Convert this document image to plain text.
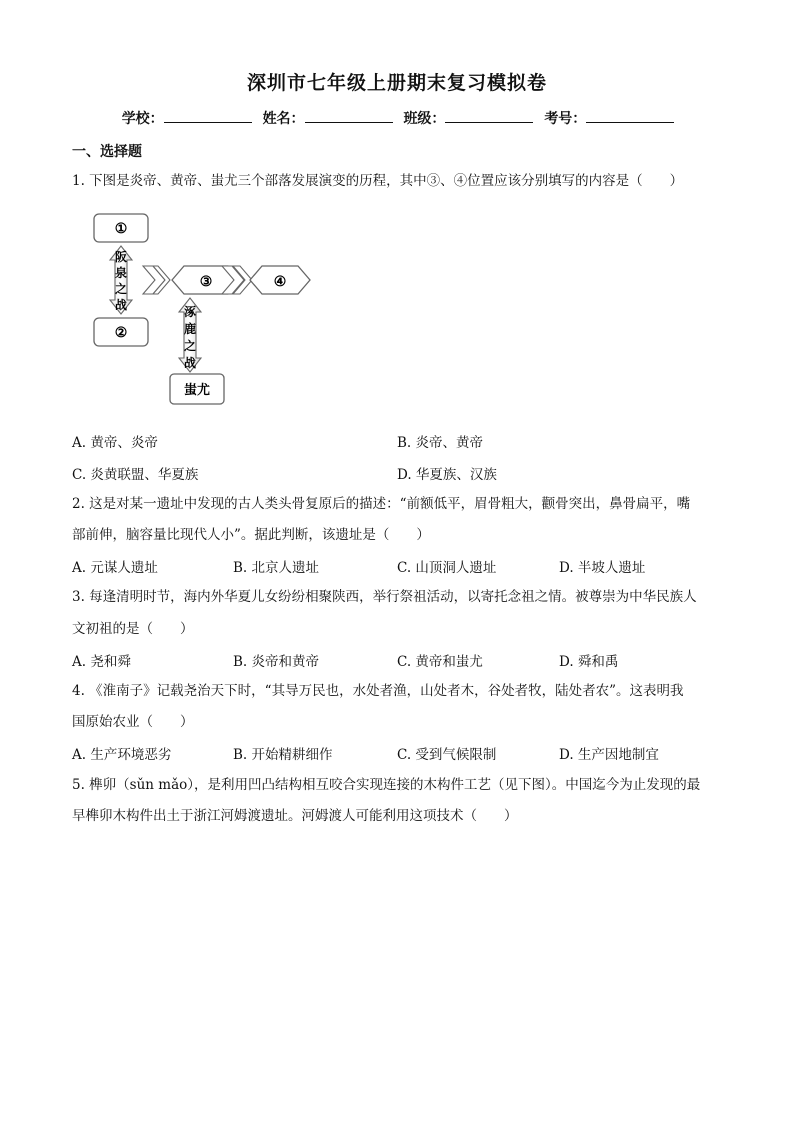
深圳市七年级上册期末复习模拟卷
学校：	姓名：	班级：	考号：
一、选择题
1. 下图是炎帝、黄帝、蚩尤三个部落发展演变的历程，其中③、④位置应该分别填写的内容是（　　）
①
阪
泉
之
战
②
③	④
涿
鹿
之
战
蚩尤
A. 黄帝、炎帝	B. 炎帝、黄帝
C. 炎黄联盟、华夏族	D. 华夏族、汉族
2. 这是对某一遗址中发现的古人类头骨复原后的描述：“前额低平，眉骨粗大，颧骨突出，鼻骨扁平，嘴
部前伸，脑容量比现代人小”。据此判断，该遗址是（　　）
A. 元谋人遗址	B. 北京人遗址	C. 山顶洞人遗址	D. 半坡人遗址
3. 每逢清明时节，海内外华夏儿女纷纷相聚陕西，举行祭祖活动，以寄托念祖之情。被尊崇为中华民族人
文初祖的是（　　）
A. 尧和舜	B. 炎帝和黄帝	C. 黄帝和蚩尤	D. 舜和禹
4. 《淮南子》记载尧治天下时，“其导万民也，水处者渔，山处者木，谷处者牧，陆处者农”。这表明我
国原始农业（　　）
A. 生产环境恶劣	B. 开始精耕细作	C. 受到气候限制	D. 生产因地制宜
5. 榫卯（sǔn mǎo），是利用凹凸结构相互咬合实现连接的木构件工艺（见下图）。中国迄今为止发现的最
早榫卯木构件出土于浙江河姆渡遗址。河姆渡人可能利用这项技术（　　）
